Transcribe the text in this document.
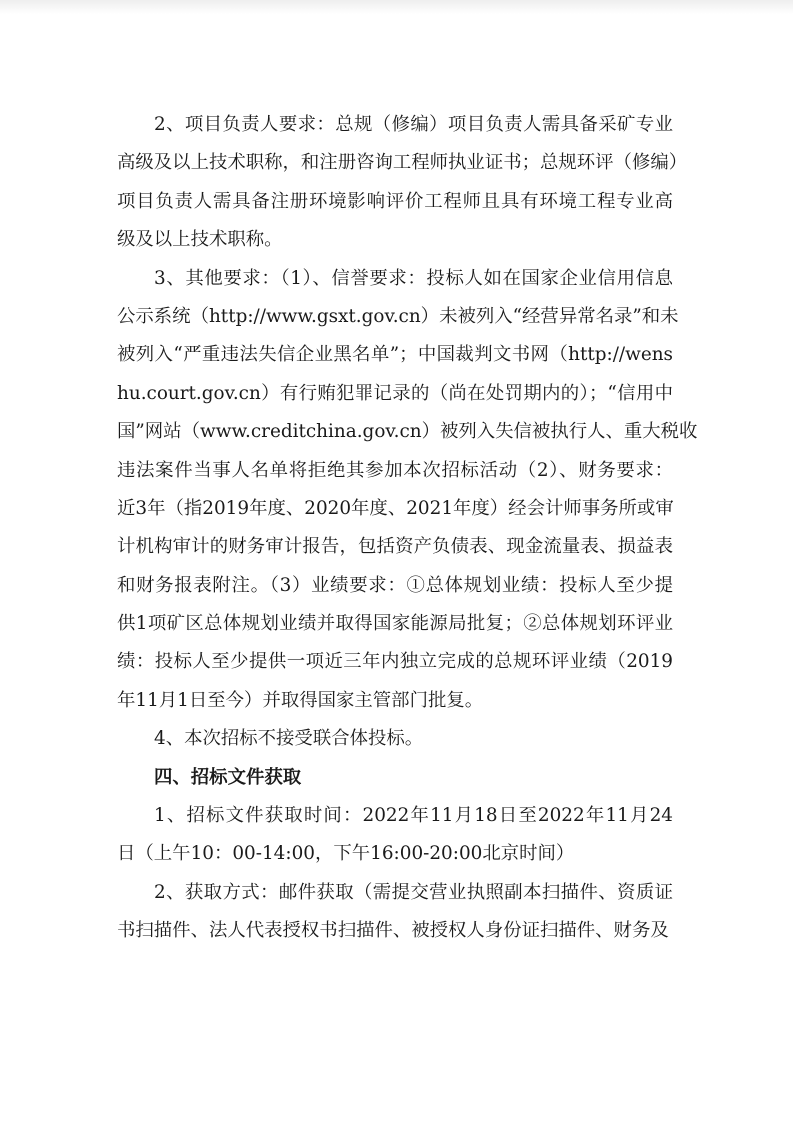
2、项目负责人要求：总规（修编）项目负责人需具备采矿专业
高级及以上技术职称，和注册咨询工程师执业证书；总规环评（修编）
项目负责人需具备注册环境影响评价工程师且具有环境工程专业高
级及以上技术职称。
3、其他要求：（1）、信誉要求：投标人如在国家企业信用信息
公示系统（http://www.gsxt.gov.cn）未被列入“经营异常名录”和未
被列入“严重违法失信企业黑名单”；中国裁判文书网（http://wens
hu.court.gov.cn）有行贿犯罪记录的（尚在处罚期内的）；“信用中
国”网站（www.creditchina.gov.cn）被列入失信被执行人、重大税收
违法案件当事人名单将拒绝其参加本次招标活动（2）、财务要求：
近3年（指2019年度、2020年度、2021年度）经会计师事务所或审
计机构审计的财务审计报告，包括资产负债表、现金流量表、损益表
和财务报表附注。（3）业绩要求：①总体规划业绩：投标人至少提
供1项矿区总体规划业绩并取得国家能源局批复；②总体规划环评业
绩：投标人至少提供一项近三年内独立完成的总规环评业绩（2019
年11月1日至今）并取得国家主管部门批复。
4、本次招标不接受联合体投标。
四、招标文件获取
1、招标文件获取时间：2022年11月18日至2022年11月24
日（上午10：00-14:00，下午16:00-20:00北京时间）
2、获取方式：邮件获取（需提交营业执照副本扫描件、资质证
书扫描件、法人代表授权书扫描件、被授权人身份证扫描件、财务及
